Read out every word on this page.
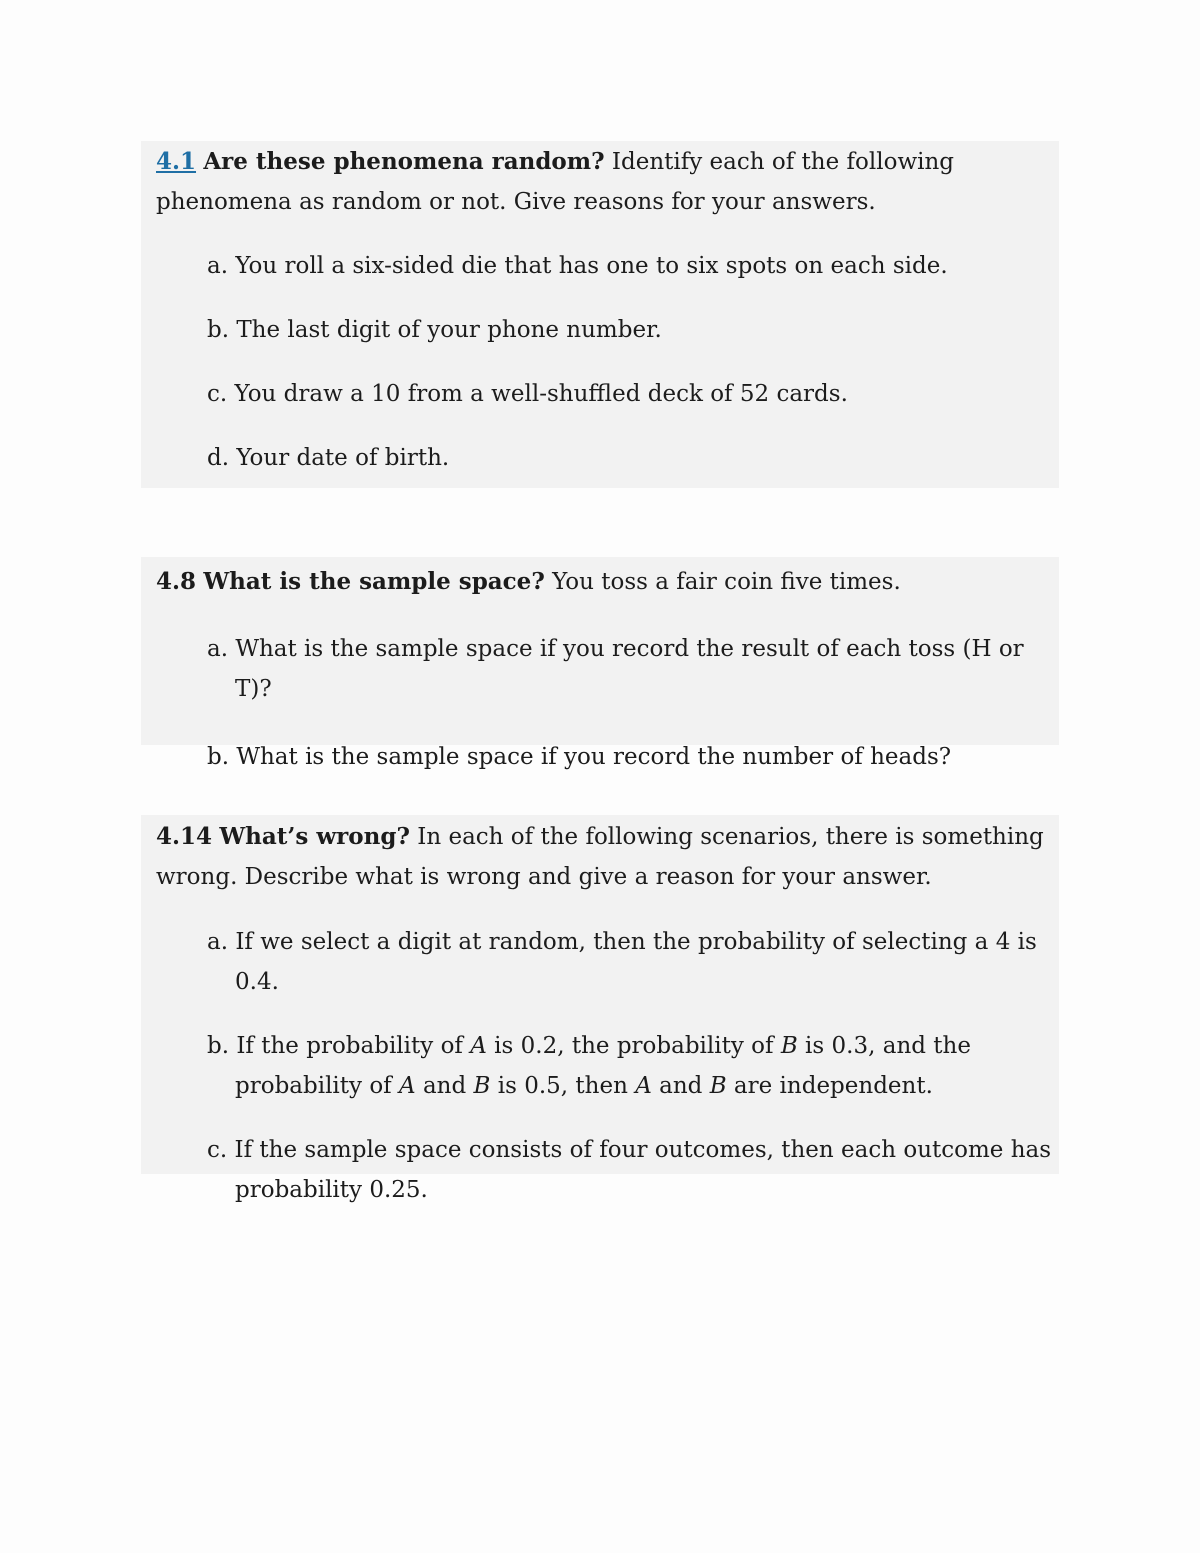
4.1 Are these phenomena random? Identify each of the following phenomena as random or not. Give reasons for your answers.

a. You roll a six-sided die that has one to six spots on each side.
b. The last digit of your phone number.
c. You draw a 10 from a well-shuffled deck of 52 cards.
d. Your date of birth.

4.8 What is the sample space? You toss a fair coin five times.

a. What is the sample space if you record the result of each toss (H or T)?
b. What is the sample space if you record the number of heads?

4.14 What’s wrong? In each of the following scenarios, there is something wrong. Describe what is wrong and give a reason for your answer.

a. If we select a digit at random, then the probability of selecting a 4 is 0.4.
b. If the probability of A is 0.2, the probability of B is 0.3, and the probability of A and B is 0.5, then A and B are independent.
c. If the sample space consists of four outcomes, then each outcome has probability 0.25.
